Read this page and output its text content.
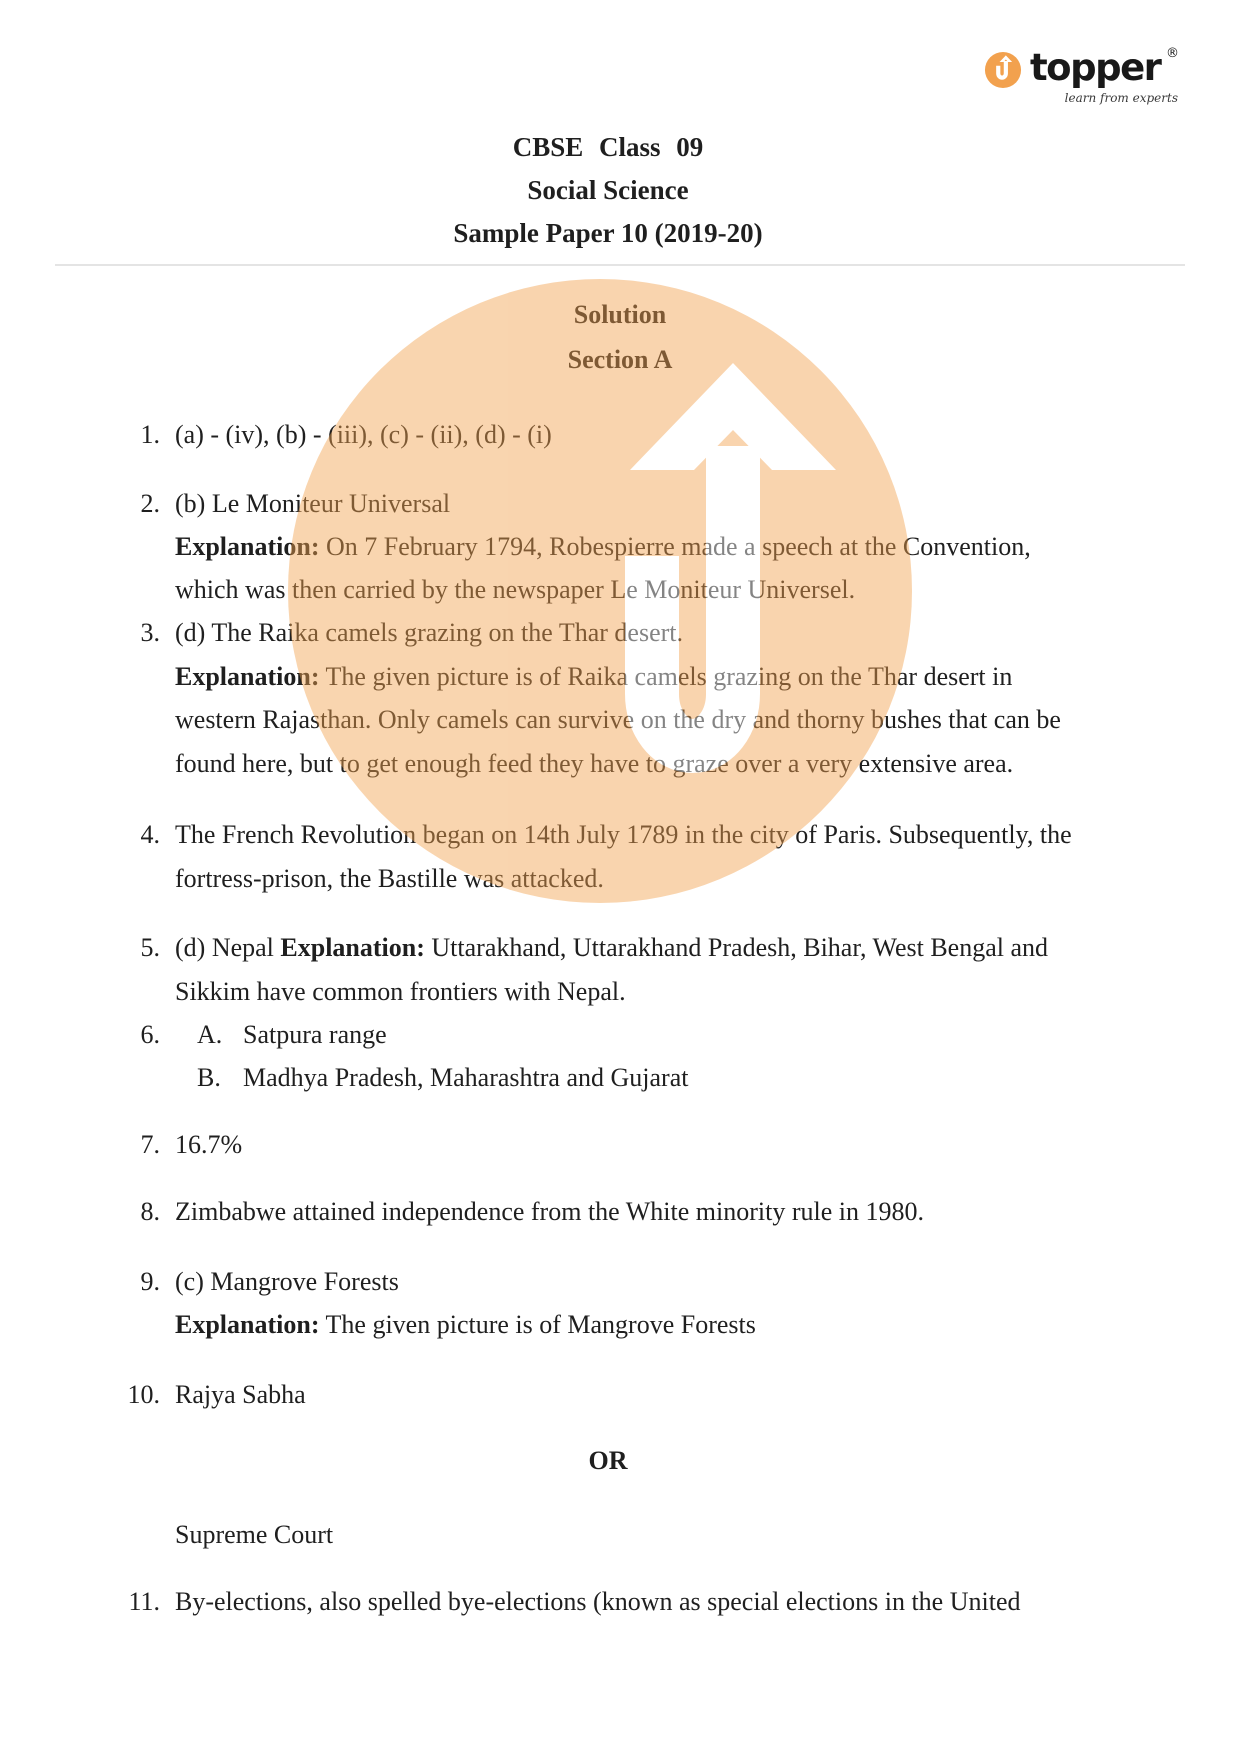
topper ®
learn from experts
CBSE Class 09
Social Science
Sample Paper 10 (2019-20)
Solution
Section A
1. (a) - (iv), (b) - (iii), (c) - (ii), (d) - (i)
2. (b) Le Moniteur Universal
Explanation: On 7 February 1794, Robespierre made a speech at the Convention,
which was then carried by the newspaper Le Moniteur Universel.
3. (d) The Raika camels grazing on the Thar desert.
Explanation: The given picture is of Raika camels grazing on the Thar desert in
western Rajasthan. Only camels can survive on the dry and thorny bushes that can be
found here, but to get enough feed they have to graze over a very extensive area.
4. The French Revolution began on 14th July 1789 in the city of Paris. Subsequently, the
fortress-prison, the Bastille was attacked.
5. (d) Nepal Explanation: Uttarakhand, Uttarakhand Pradesh, Bihar, West Bengal and
Sikkim have common frontiers with Nepal.
6. A. Satpura range
B. Madhya Pradesh, Maharashtra and Gujarat
7. 16.7%
8. Zimbabwe attained independence from the White minority rule in 1980.
9. (c) Mangrove Forests
Explanation: The given picture is of Mangrove Forests
10. Rajya Sabha
OR
Supreme Court
11. By-elections, also spelled bye-elections (known as special elections in the United
